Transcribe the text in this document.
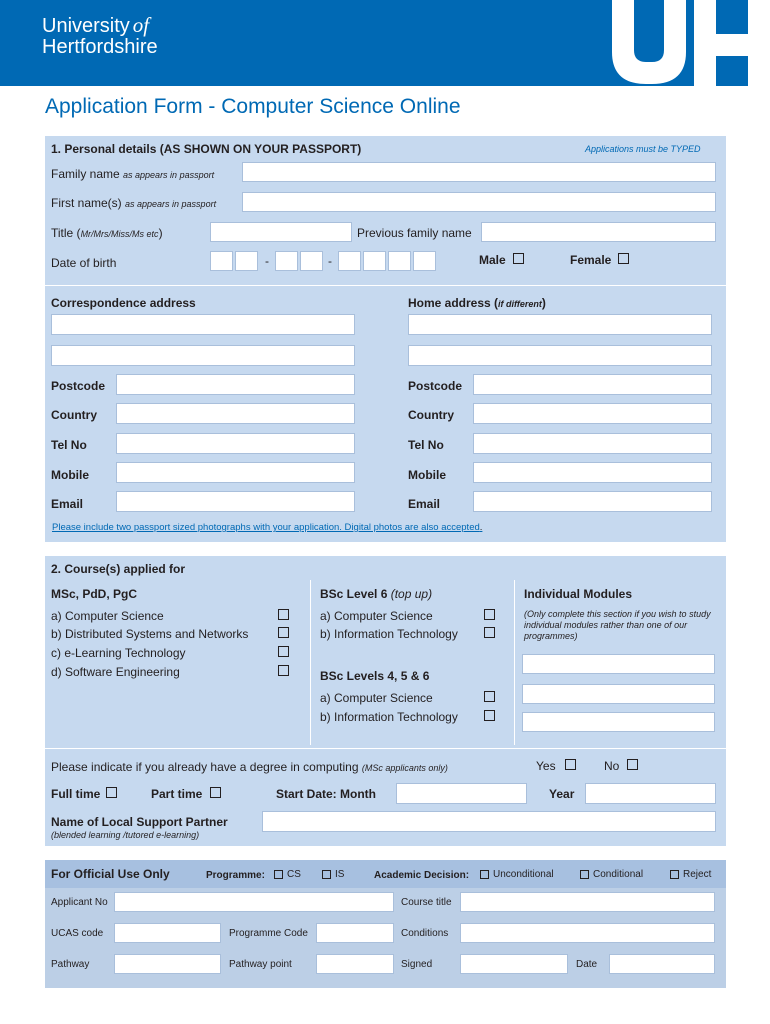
University of
Hertfordshire
Application Form - Computer Science Online
1. Personal details (AS SHOWN ON YOUR PASSPORT)	Applications must be TYPED
Family name as appears in passport
First name(s) as appears in passport
Title (Mr/Mrs/Miss/Ms etc)	Previous family name
Date of birth	-	-	Male	Female
Correspondence address	Home address (if different)
Postcode	Postcode
Country	Country
Tel No	Tel No
Mobile	Mobile
Email	Email
Please include two passport sized photographs with your application. Digital photos are also accepted.
2. Course(s) applied for
MSc, PdD, PgC
a) Computer Science
b) Distributed Systems and Networks
c) e-Learning Technology
d) Software Engineering
BSc Level 6 (top up)
a) Computer Science
b) Information Technology
BSc Levels 4, 5 & 6
a) Computer Science
b) Information Technology
Individual Modules
(Only complete this section if you wish to study individual modules rather than one of our programmes)
Please indicate if you already have a degree in computing (MSc applicants only)	Yes	No
Full time	Part time	Start Date: Month	Year
Name of Local Support Partner
(blended learning /tutored e-learning)
For Official Use Only	Programme: CS	IS	Academic Decision: Unconditional	Conditional	Reject
Applicant No	Course title
UCAS code	Programme Code	Conditions
Pathway	Pathway point	Signed	Date
